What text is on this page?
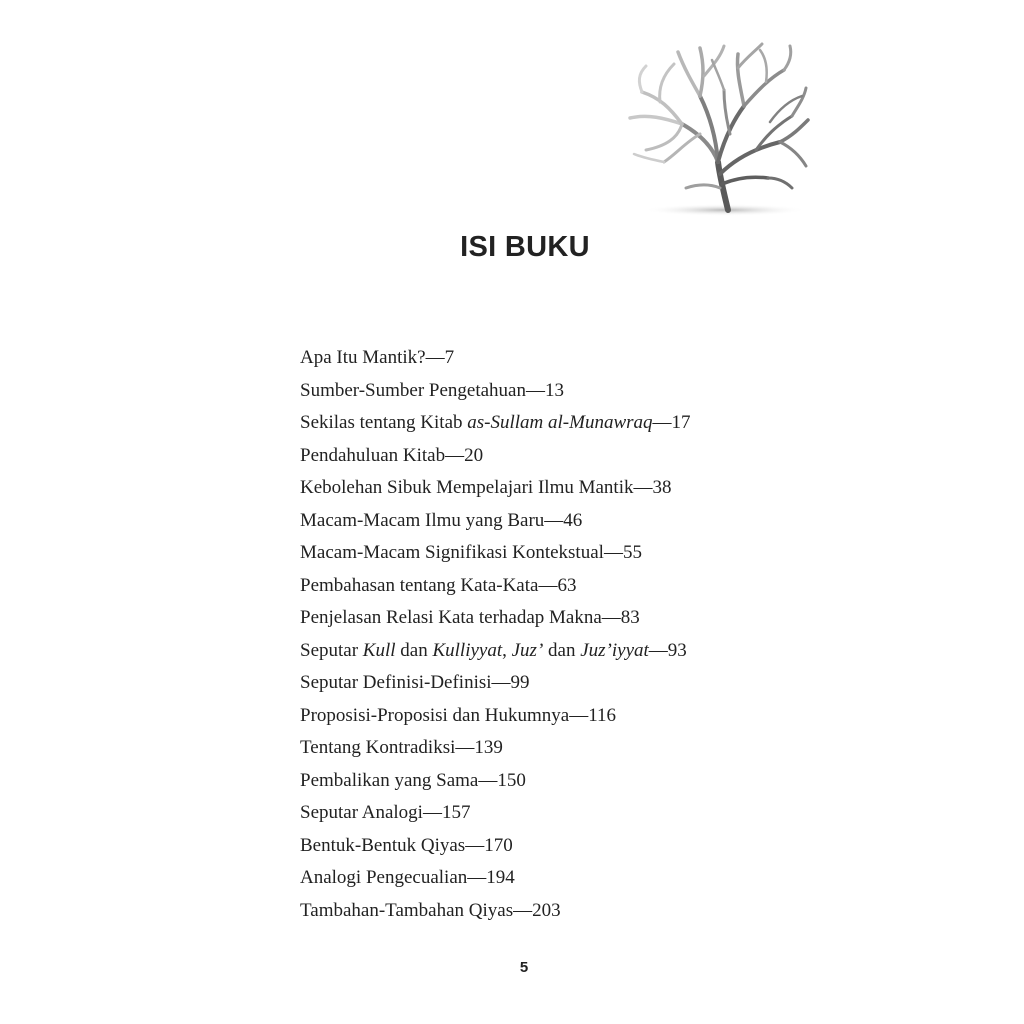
ISI BUKU
Apa Itu Mantik?—7
Sumber-Sumber Pengetahuan—13
Sekilas tentang Kitab as-Sullam al-Munawraq—17
Pendahuluan Kitab—20
Kebolehan Sibuk Mempelajari Ilmu Mantik—38
Macam-Macam Ilmu yang Baru—46
Macam-Macam Signifikasi Kontekstual—55
Pembahasan tentang Kata-Kata—63
Penjelasan Relasi Kata terhadap Makna—83
Seputar Kull dan Kulliyyat, Juz’ dan Juz’iyyat—93
Seputar Definisi-Definisi—99
Proposisi-Proposisi dan Hukumnya—116
Tentang Kontradiksi—139
Pembalikan yang Sama—150
Seputar Analogi—157
Bentuk-Bentuk Qiyas—170
Analogi Pengecualian—194
Tambahan-Tambahan Qiyas—203
5
